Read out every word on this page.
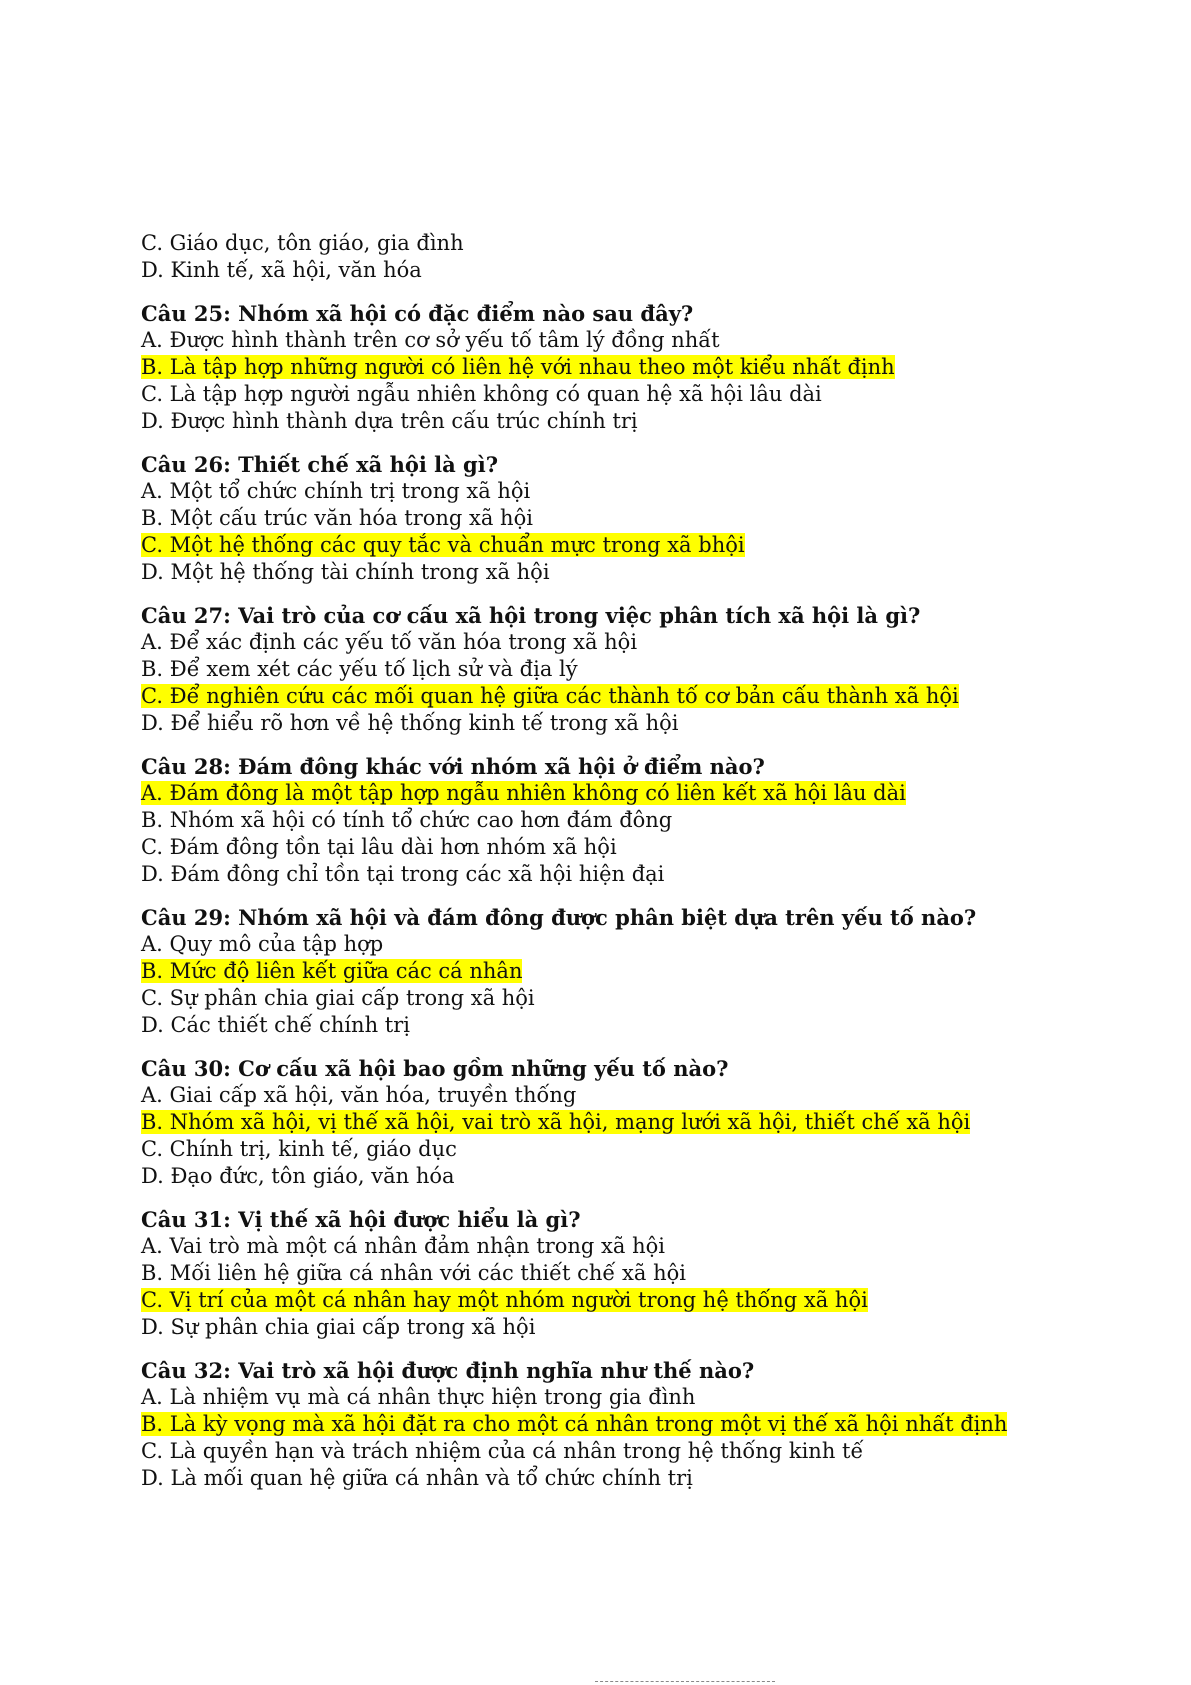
C. Giáo dục, tôn giáo, gia đình
D. Kinh tế, xã hội, văn hóa
Câu 25: Nhóm xã hội có đặc điểm nào sau đây?
A. Được hình thành trên cơ sở yếu tố tâm lý đồng nhất
B. Là tập hợp những người có liên hệ với nhau theo một kiểu nhất định
C. Là tập hợp người ngẫu nhiên không có quan hệ xã hội lâu dài
D. Được hình thành dựa trên cấu trúc chính trị
Câu 26: Thiết chế xã hội là gì?
A. Một tổ chức chính trị trong xã hội
B. Một cấu trúc văn hóa trong xã hội
C. Một hệ thống các quy tắc và chuẩn mực trong xã bhội
D. Một hệ thống tài chính trong xã hội
Câu 27: Vai trò của cơ cấu xã hội trong việc phân tích xã hội là gì?
A. Để xác định các yếu tố văn hóa trong xã hội
B. Để xem xét các yếu tố lịch sử và địa lý
C. Để nghiên cứu các mối quan hệ giữa các thành tố cơ bản cấu thành xã hội
D. Để hiểu rõ hơn về hệ thống kinh tế trong xã hội
Câu 28: Đám đông khác với nhóm xã hội ở điểm nào?
A. Đám đông là một tập hợp ngẫu nhiên không có liên kết xã hội lâu dài
B. Nhóm xã hội có tính tổ chức cao hơn đám đông
C. Đám đông tồn tại lâu dài hơn nhóm xã hội
D. Đám đông chỉ tồn tại trong các xã hội hiện đại
Câu 29: Nhóm xã hội và đám đông được phân biệt dựa trên yếu tố nào?
A. Quy mô của tập hợp
B. Mức độ liên kết giữa các cá nhân
C. Sự phân chia giai cấp trong xã hội
D. Các thiết chế chính trị
Câu 30: Cơ cấu xã hội bao gồm những yếu tố nào?
A. Giai cấp xã hội, văn hóa, truyền thống
B. Nhóm xã hội, vị thế xã hội, vai trò xã hội, mạng lưới xã hội, thiết chế xã hội
C. Chính trị, kinh tế, giáo dục
D. Đạo đức, tôn giáo, văn hóa
Câu 31: Vị thế xã hội được hiểu là gì?
A. Vai trò mà một cá nhân đảm nhận trong xã hội
B. Mối liên hệ giữa cá nhân với các thiết chế xã hội
C. Vị trí của một cá nhân hay một nhóm người trong hệ thống xã hội
D. Sự phân chia giai cấp trong xã hội
Câu 32: Vai trò xã hội được định nghĩa như thế nào?
A. Là nhiệm vụ mà cá nhân thực hiện trong gia đình
B. Là kỳ vọng mà xã hội đặt ra cho một cá nhân trong một vị thế xã hội nhất định
C. Là quyền hạn và trách nhiệm của cá nhân trong hệ thống kinh tế
D. Là mối quan hệ giữa cá nhân và tổ chức chính trị
